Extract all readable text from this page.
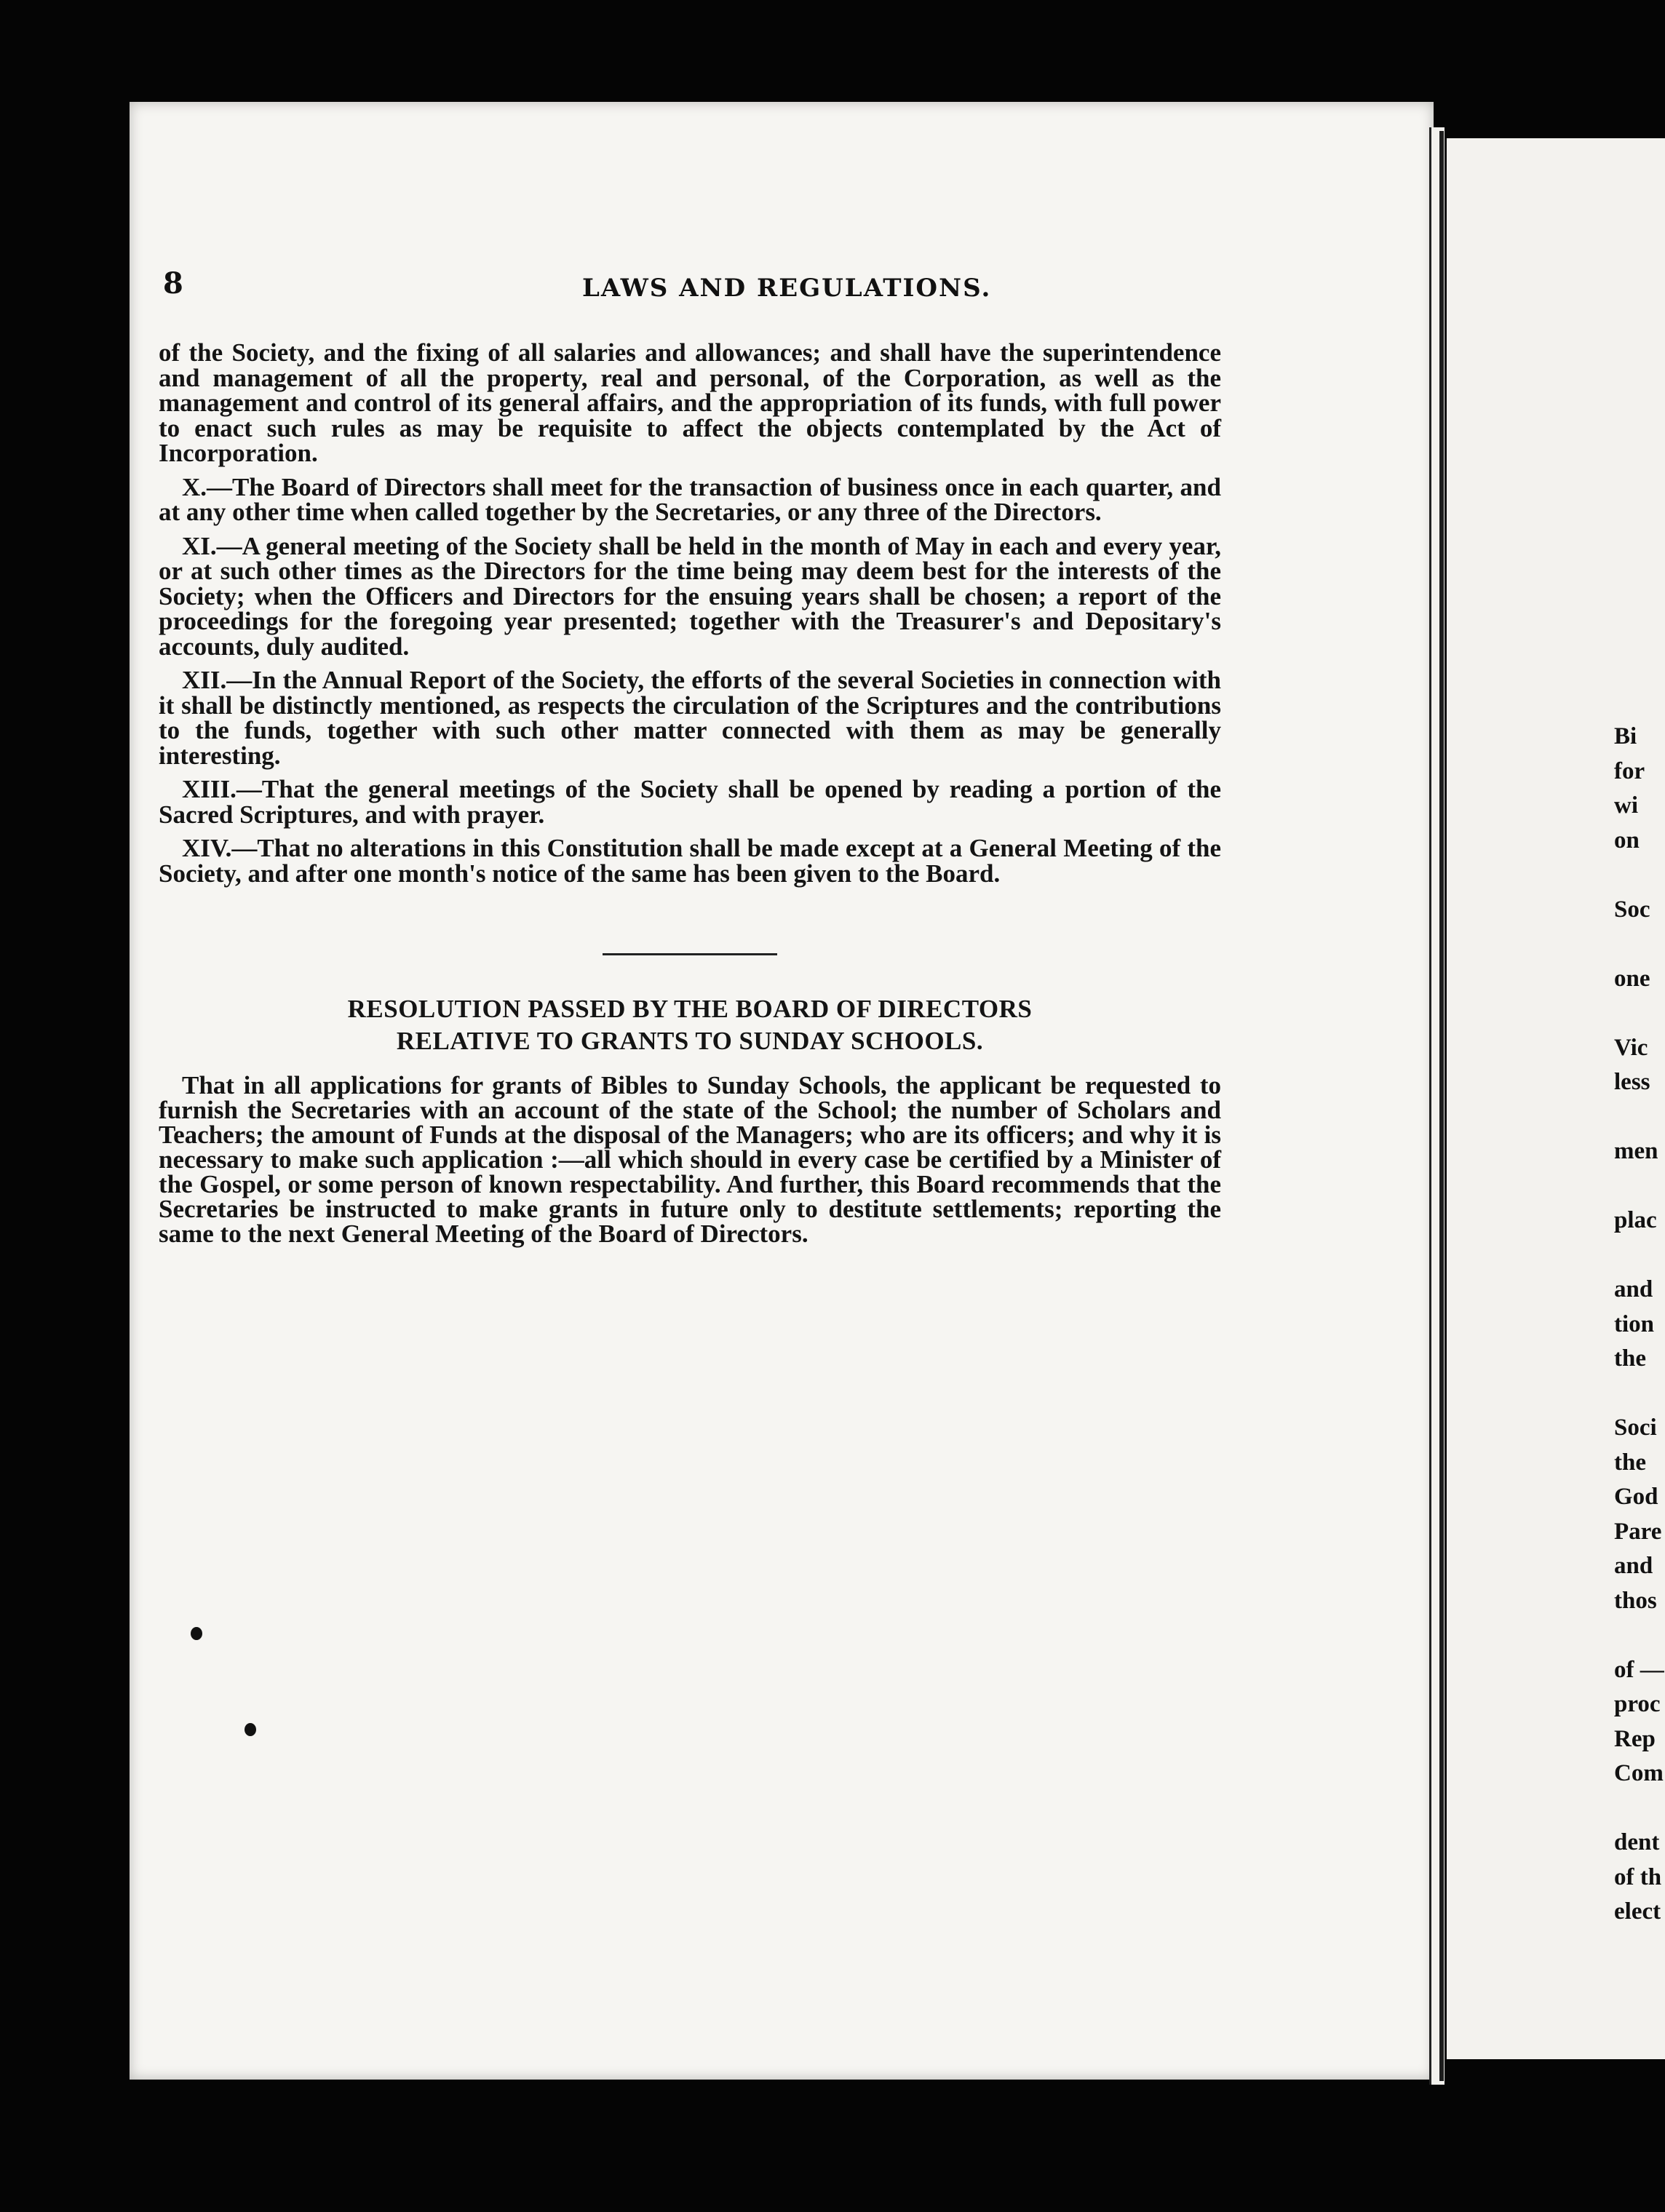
8	LAWS AND REGULATIONS.

of the Society, and the fixing of all salaries and allowances; and shall have the superintendence and management of all the property, real and personal, of the Corporation, as well as the management and control of its general affairs, and the appropriation of its funds, with full power to enact such rules as may be requisite to affect the objects contemplated by the Act of Incorporation.

X.—The Board of Directors shall meet for the transaction of business once in each quarter, and at any other time when called together by the Secretaries, or any three of the Directors.

XI.—A general meeting of the Society shall be held in the month of May in each and every year, or at such other times as the Directors for the time being may deem best for the interests of the Society; when the Officers and Directors for the ensuing years shall be chosen; a report of the proceedings for the foregoing year presented; together with the Treasurer's and Depositary's accounts, duly audited.

XII.—In the Annual Report of the Society, the efforts of the several Societies in connection with it shall be distinctly mentioned, as respects the circulation of the Scriptures and the contributions to the funds, together with such other matter connected with them as may be generally interesting.

XIII.—That the general meetings of the Society shall be opened by reading a portion of the Sacred Scriptures, and with prayer.

XIV.—That no alterations in this Constitution shall be made except at a General Meeting of the Society, and after one month's notice of the same has been given to the Board.

RESOLUTION PASSED BY THE BOARD OF DIRECTORS
RELATIVE TO GRANTS TO SUNDAY SCHOOLS.

That in all applications for grants of Bibles to Sunday Schools, the applicant be requested to furnish the Secretaries with an account of the state of the School; the number of Scholars and Teachers; the amount of Funds at the disposal of the Managers; who are its officers; and why it is necessary to make such application :—all which should in every case be certified by a Minister of the Gospel, or some person of known respectability. And further, this Board recommends that the Secretaries be instructed to make grants in future only to destitute settlements; reporting the same to the next General Meeting of the Board of Directors.

Bi
for
wi
on

Soc

one

Vic
less

men

plac

and
tion
the

Soci
the
God
Pare
and
thos

of —
proc
Rep
Com

dent
of th
elect
